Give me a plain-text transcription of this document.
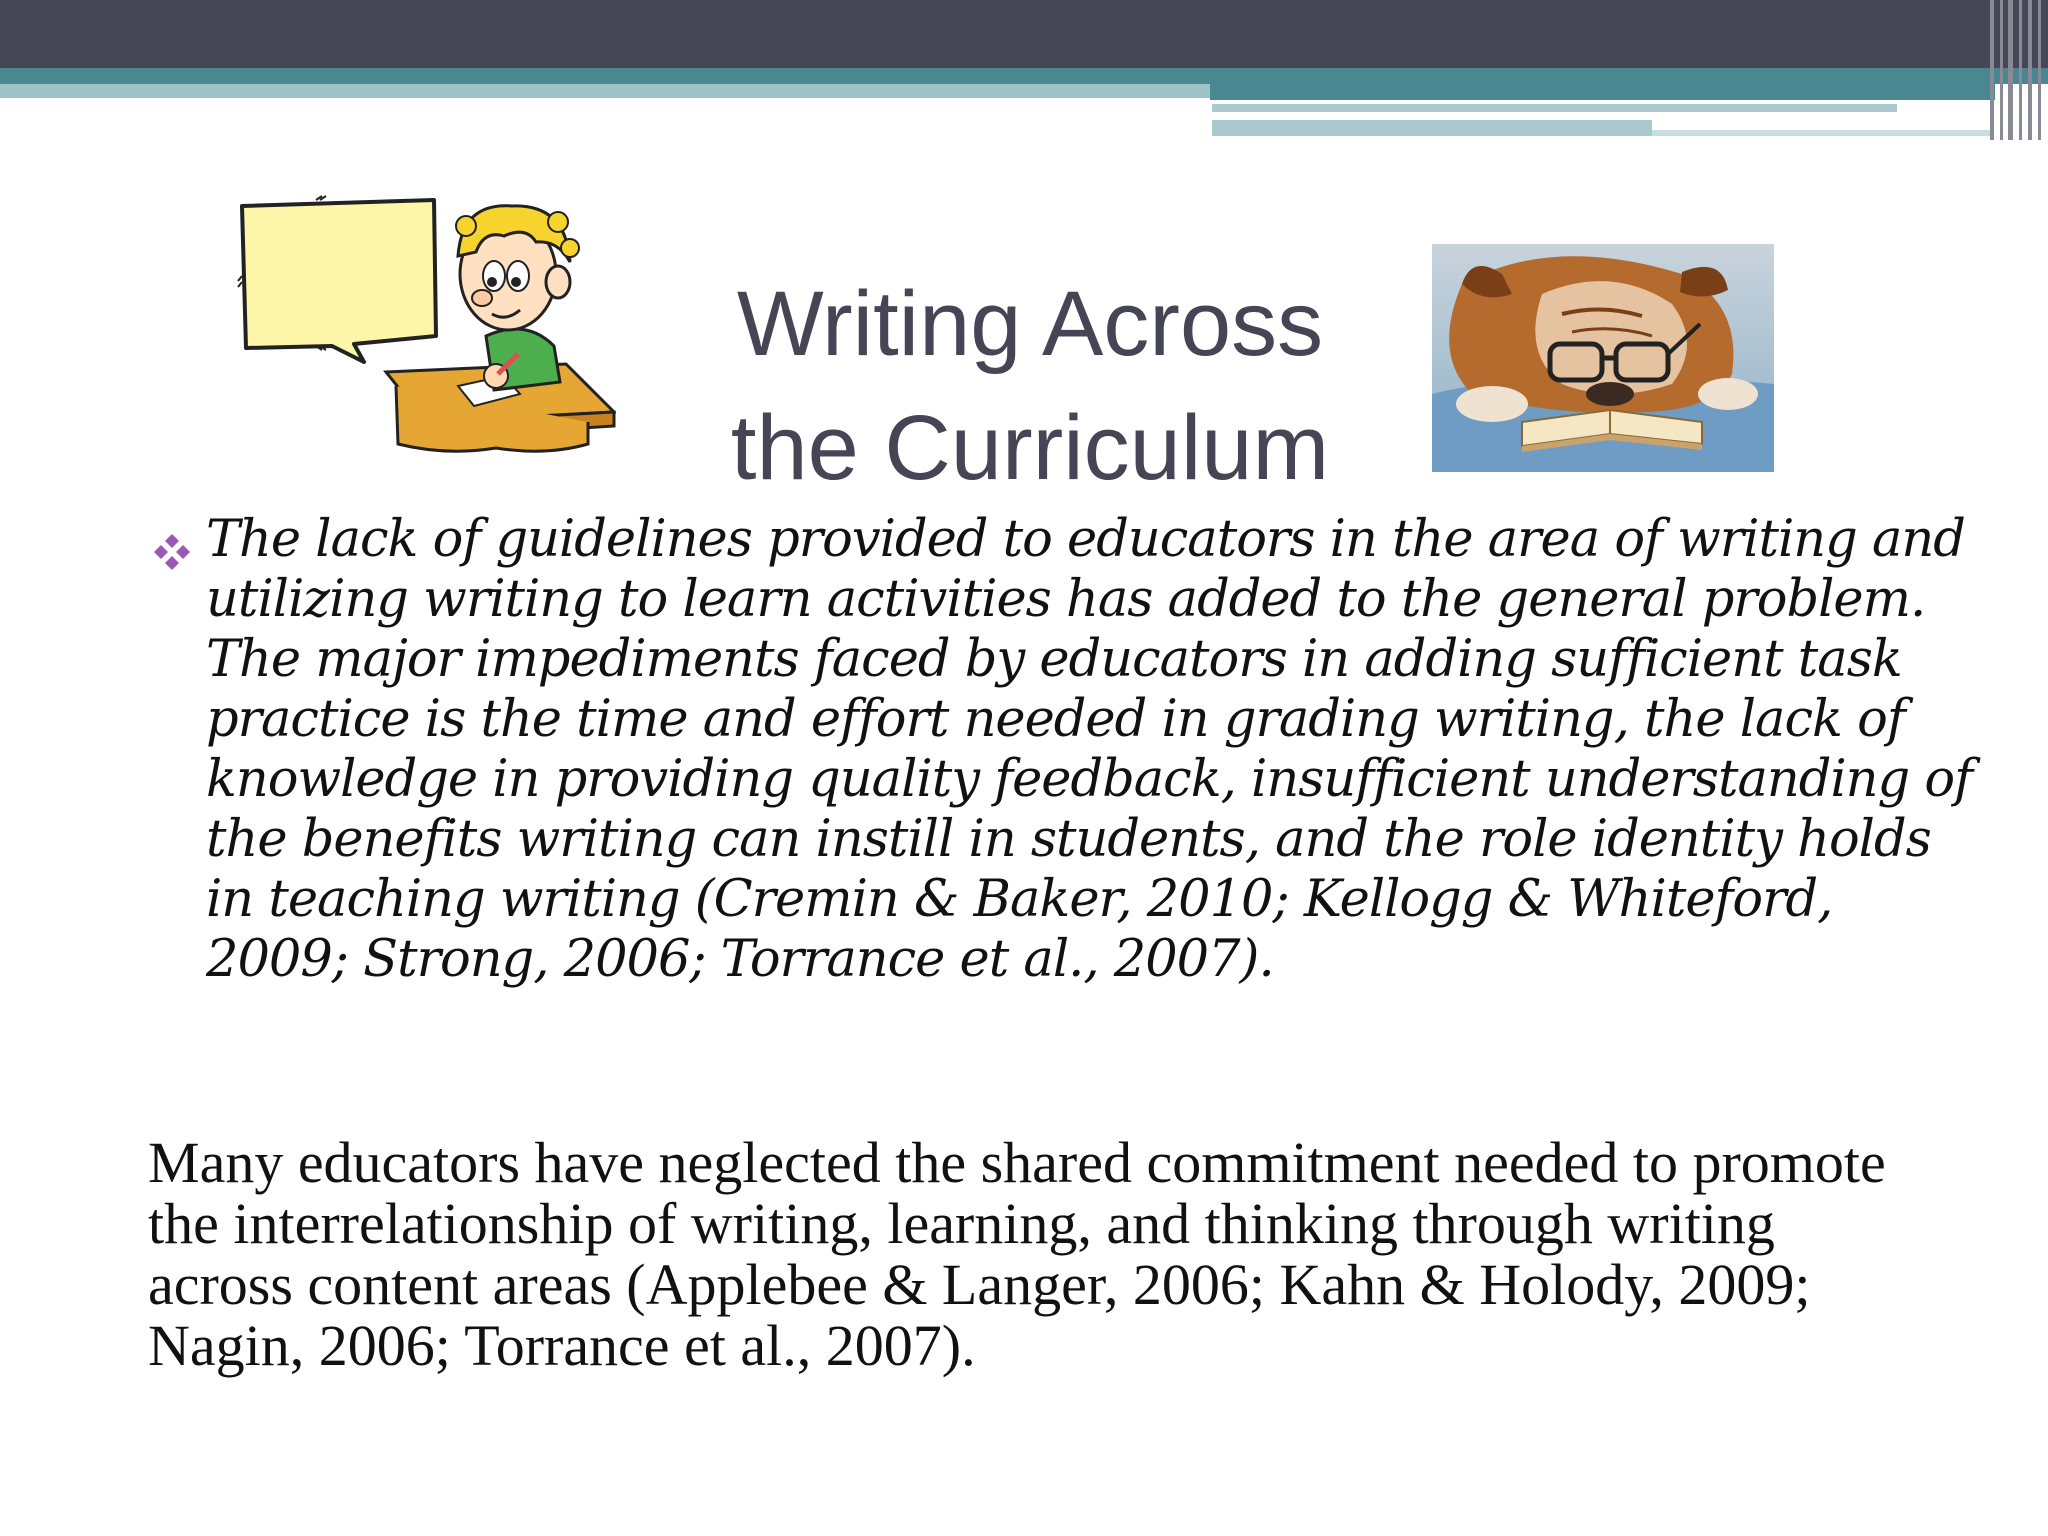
Writing Across
the Curriculum
The lack of guidelines provided to educators in the area of writing and utilizing writing to learn activities has added to the general problem. The major impediments faced by educators in adding sufficient task practice is the time and effort needed in grading writing, the lack of knowledge in providing quality feedback, insufficient understanding of the benefits writing can instill in students, and the role identity holds in teaching writing (Cremin & Baker, 2010; Kellogg & Whiteford, 2009; Strong, 2006; Torrance et al., 2007).
Many educators have neglected the shared commitment needed to promote the interrelationship of writing, learning, and thinking through writing across content areas (Applebee & Langer, 2006; Kahn & Holody, 2009; Nagin, 2006; Torrance et al., 2007).
